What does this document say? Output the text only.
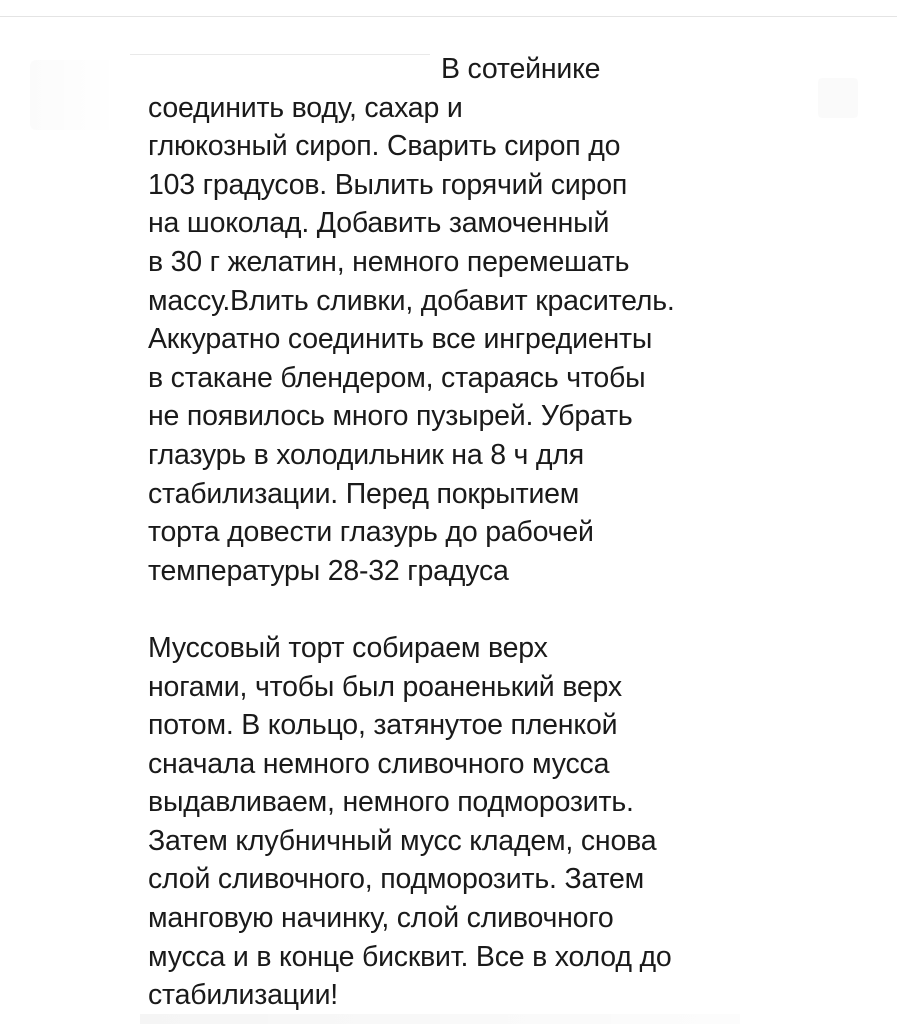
В сотейнике
соединить воду, сахар и
глюкозный сироп. Сварить сироп до
103 градусов. Вылить горячий сироп
на шоколад. Добавить замоченный
в 30 г желатин, немного перемешать
массу.Влить сливки, добавит краситель.
Аккуратно соединить все ингредиенты
в стакане блендером, стараясь чтобы
не появилось много пузырей. Убрать
глазурь в холодильник на 8 ч для
стабилизации. Перед покрытием
торта довести глазурь до рабочей
температуры 28-32 градуса
Муссовый торт собираем верх
ногами, чтобы был роаненький верх
потом. В кольцо, затянутое пленкой
сначала немного сливочного мусса
выдавливаем, немного подморозить.
Затем клубничный мусс кладем, снова
слой сливочного, подморозить. Затем
манговую начинку, слой сливочного
мусса и в конце бисквит. Все в холод до
стабилизации!
